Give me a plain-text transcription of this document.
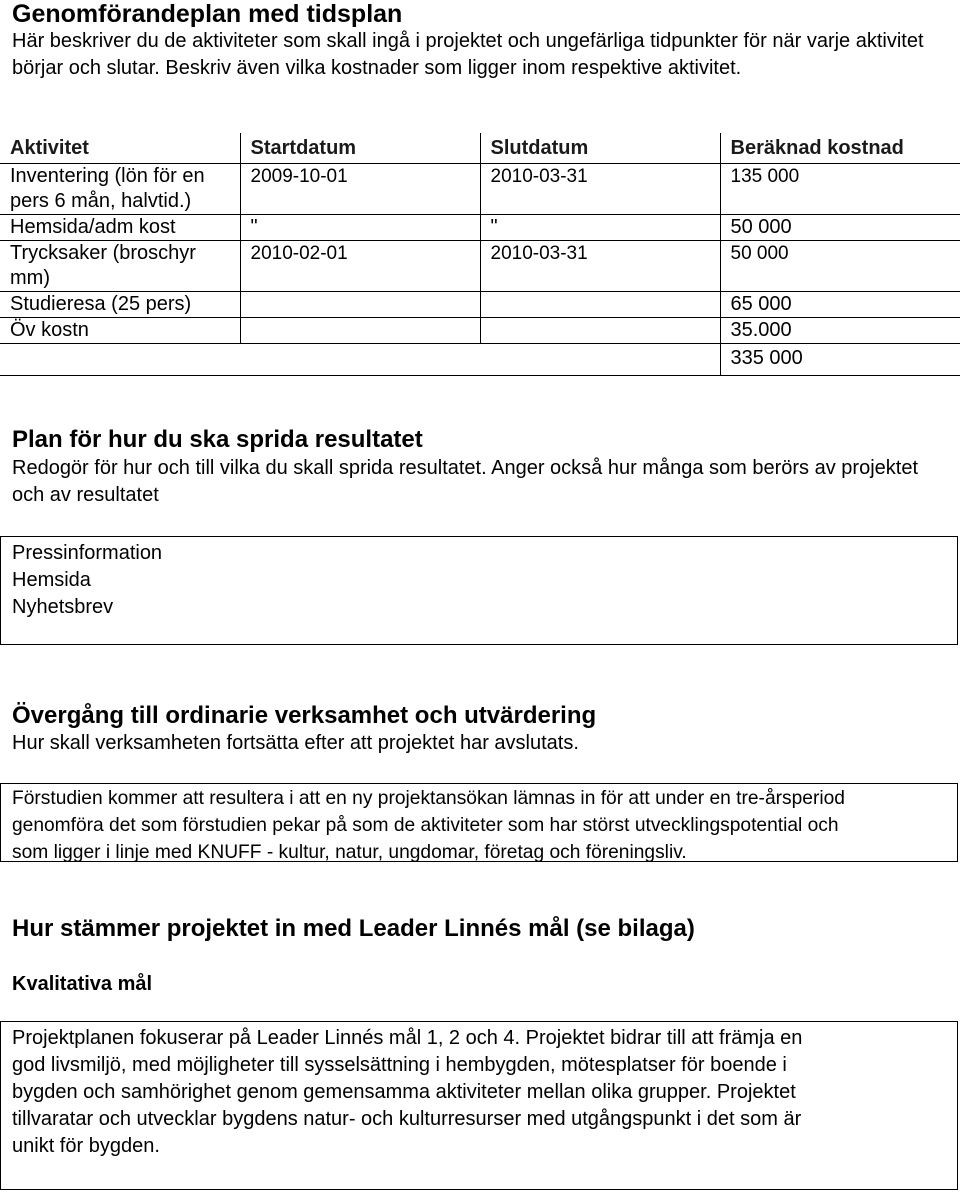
Genomförandeplan med tidsplan
Här beskriver du de aktiviteter som skall ingå i projektet och ungefärliga tidpunkter för när varje aktivitet börjar och slutar. Beskriv även vilka kostnader som ligger inom respektive aktivitet.
Aktivitet	Startdatum	Slutdatum	Beräknad kostnad
Inventering (lön för en pers 6 mån, halvtid.)	2009-10-01	2010-03-31	135 000
Hemsida/adm kost	"	"	50 000
Trycksaker (broschyr mm)	2010-02-01	2010-03-31	50 000
Studieresa (25 pers)			65 000
Öv kostn			35.000
			335 000
Plan för hur du ska sprida resultatet
Redogör för hur och till vilka du skall sprida resultatet. Anger också hur många som berörs av projektet och av resultatet
Pressinformation
Hemsida
Nyhetsbrev
Övergång till ordinarie verksamhet och utvärdering
Hur skall verksamheten fortsätta efter att projektet har avslutats.
Förstudien kommer att resultera i att en ny projektansökan lämnas in för att under en tre-årsperiod
genomföra det som förstudien pekar på som de aktiviteter som har störst utvecklingspotential och
som ligger i linje med KNUFF - kultur, natur, ungdomar, företag och föreningsliv.
Hur stämmer projektet in med Leader Linnés mål (se bilaga)
Kvalitativa mål
Projektplanen fokuserar på Leader Linnés mål 1, 2 och 4. Projektet bidrar till att främja en
god livsmiljö, med möjligheter till sysselsättning i hembygden, mötesplatser för boende i
bygden och samhörighet genom gemensamma aktiviteter mellan olika grupper. Projektet
tillvaratar och utvecklar bygdens natur- och kulturresurser med utgångspunkt i det som är
unikt för bygden.
